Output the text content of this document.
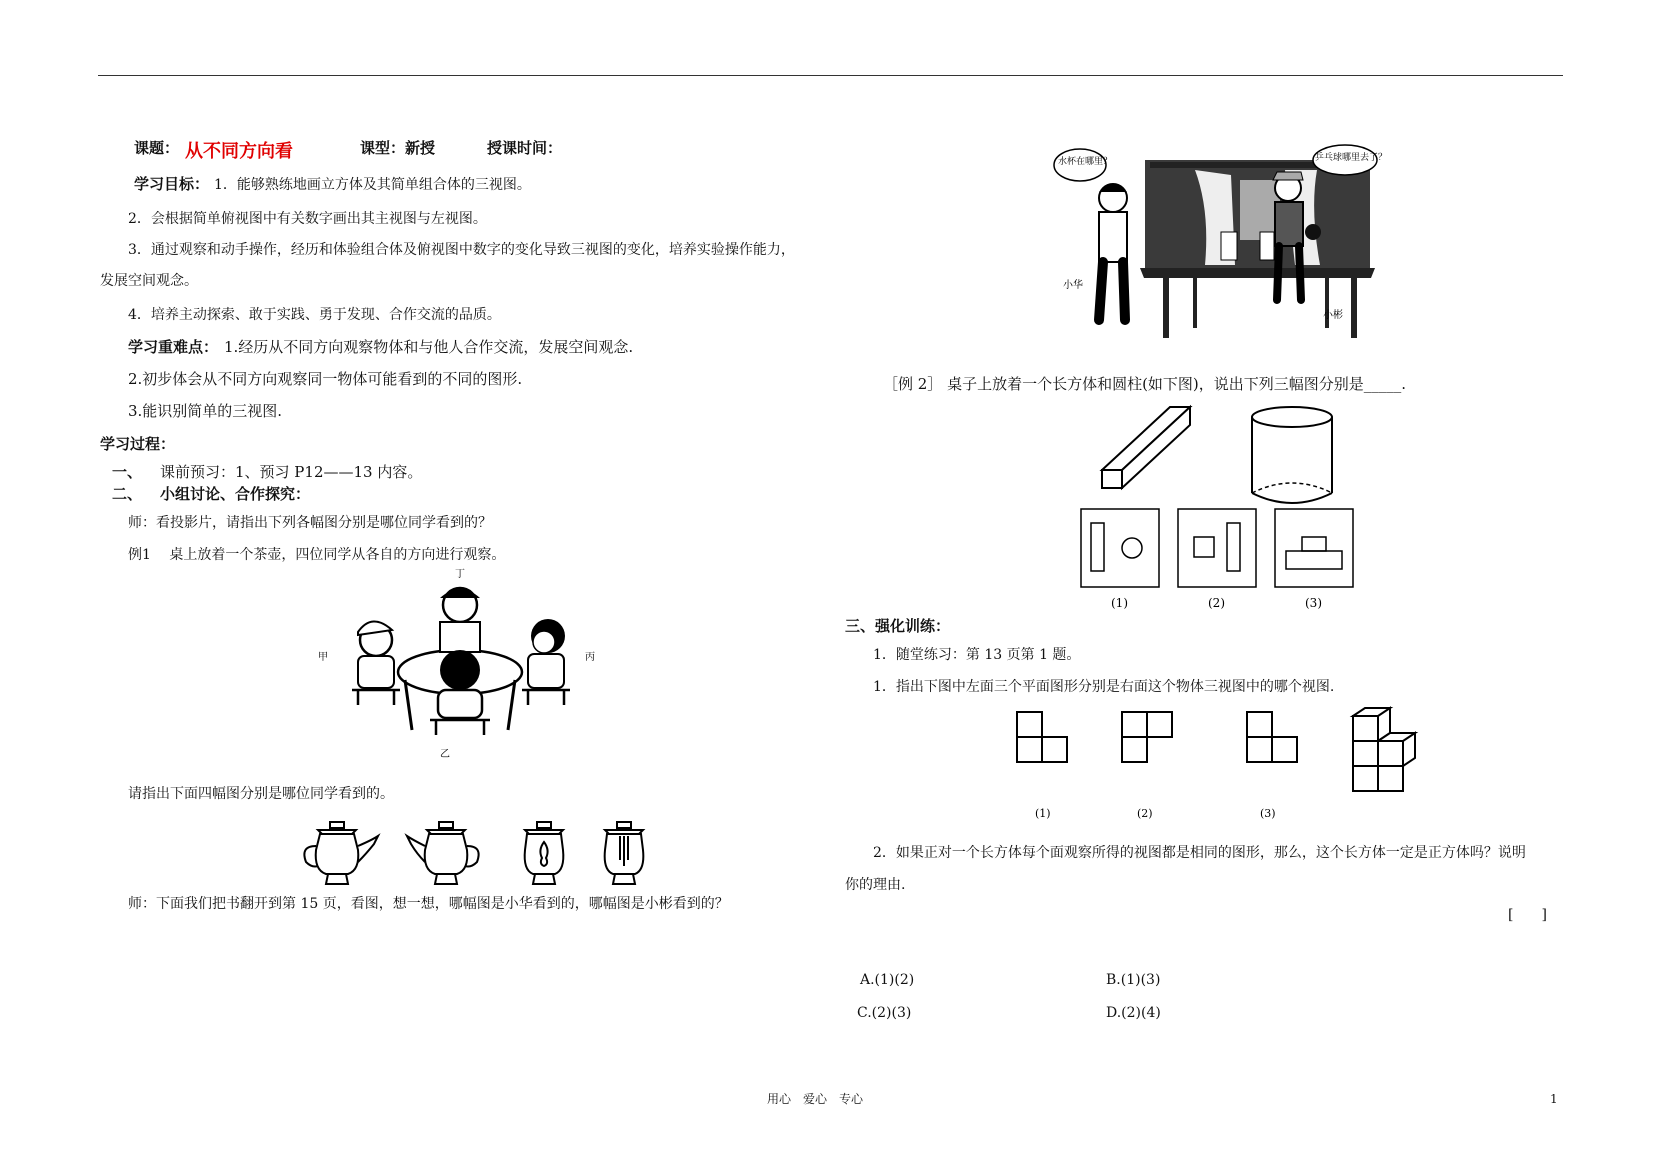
课题： 从不同方向看	课型：新授	授课时间：
学习目标： 1．能够熟练地画立方体及其简单组合体的三视图。
2．会根据简单俯视图中有关数字画出其主视图与左视图。
3．通过观察和动手操作，经历和体验组合体及俯视图中数字的变化导致三视图的变化，培养实验操作能力，
发展空间观念。
4．培养主动探索、敢于实践、勇于发现、合作交流的品质。
学习重难点： 1.经历从不同方向观察物体和与他人合作交流，发展空间观念.
2.初步体会从不同方向观察同一物体可能看到的不同的图形.
3.能识别简单的三视图.
学习过程：
一、 课前预习：1、预习 P12——13 内容。
二、 小组讨论、合作探究：
师：看投影片，请指出下列各幅图分别是哪位同学看到的？
例1　 桌上放着一个茶壶，四位同学从各自的方向进行观察。
甲	丙
丁
乙
请指出下面四幅图分别是哪位同学看到的。
师：下面我们把书翻开到第 15 页，看图，想一想，哪幅图是小华看到的，哪幅图是小彬看到的？
水杯在哪里？	乒乓球哪里去了？
小华
小彬
［例 2］ 桌子上放着一个长方体和圆柱(如下图)，说出下列三幅图分别是_____.
(1)	(2)	(3)
三、强化训练：
1．随堂练习：第 13 页第 1 题。
1．指出下图中左面三个平面图形分别是右面这个物体三视图中的哪个视图.
(1)	(2)	(3)
2．如果正对一个长方体每个面观察所得的视图都是相同的图形，那么，这个长方体一定是正方体吗？说明
你的理由.
[　　]
A.(1)(2)	B.(1)(3)
C.(2)(3)	D.(2)(4)
用心　爱心　专心	1
